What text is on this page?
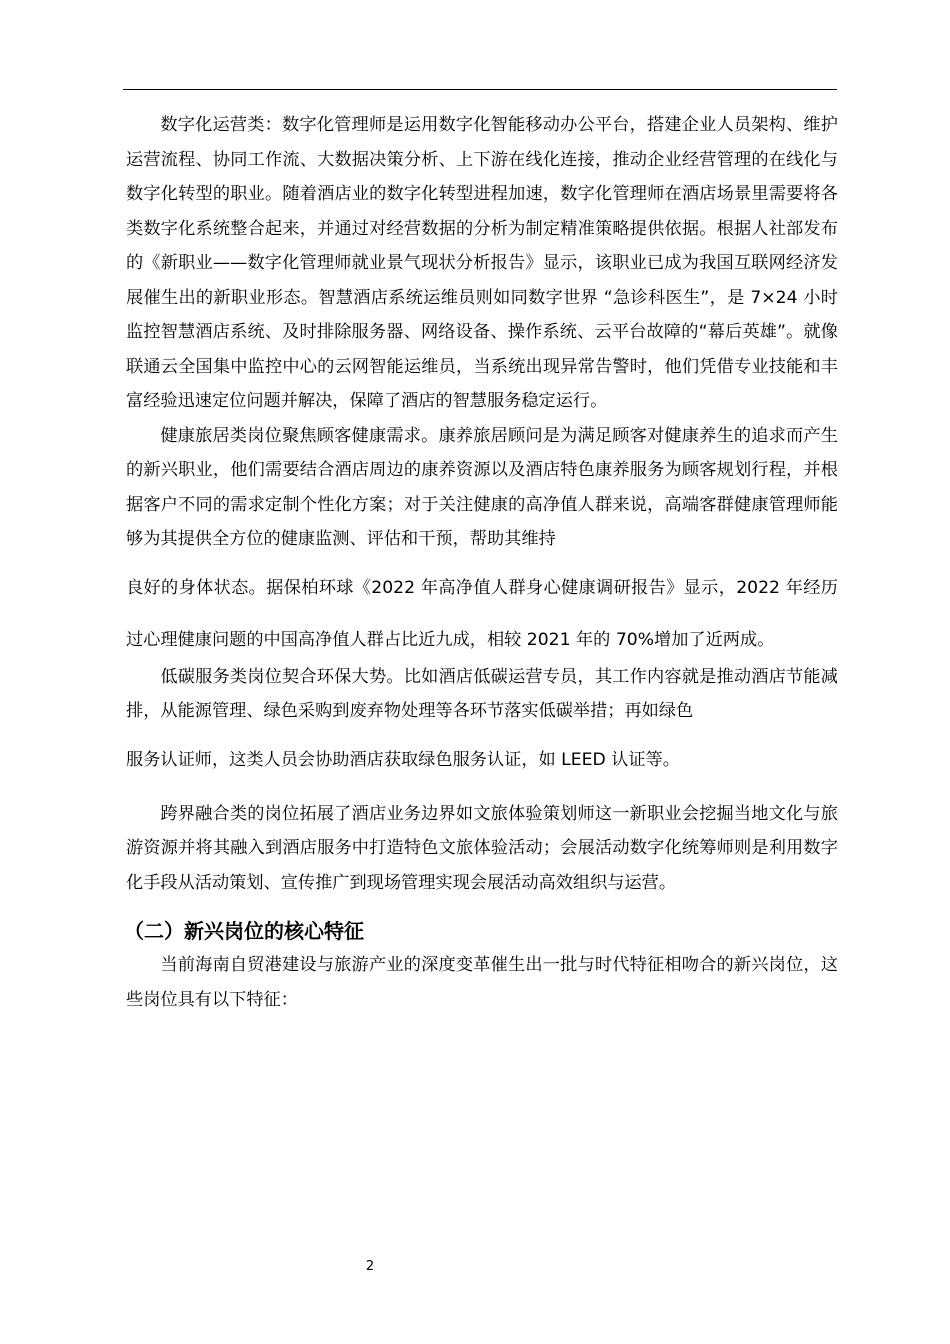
数字化运营类：数字化管理师是运用数字化智能移动办公平台，搭建企业人员架构、维护运营流程、协同工作流、大数据决策分析、上下游在线化连接，推动企业经营管理的在线化与数字化转型的职业。随着酒店业的数字化转型进程加速，数字化管理师在酒店场景里需要将各类数字化系统整合起来，并通过对经营数据的分析为制定精准策略提供依据。根据人社部发布的《新职业——数字化管理师就业景气现状分析报告》显示，该职业已成为我国互联网经济发展催生出的新职业形态。智慧酒店系统运维员则如同数字世界 “急诊科医生”，是 7×24 小时监控智慧酒店系统、及时排除服务器、网络设备、操作系统、云平台故障的“幕后英雄”。就像联通云全国集中监控中心的云网智能运维员，当系统出现异常告警时，他们凭借专业技能和丰富经验迅速定位问题并解决，保障了酒店的智慧服务稳定运行。

健康旅居类岗位聚焦顾客健康需求。康养旅居顾问是为满足顾客对健康养生的追求而产生的新兴职业，他们需要结合酒店周边的康养资源以及酒店特色康养服务为顾客规划行程，并根据客户不同的需求定制个性化方案；对于关注健康的高净值人群来说，高端客群健康管理师能够为其提供全方位的健康监测、评估和干预，帮助其维持

良好的身体状态。据保柏环球《2022 年高净值人群身心健康调研报告》显示，2022 年经历过心理健康问题的中国高净值人群占比近九成，相较 2021 年的 70%增加了近两成。

低碳服务类岗位契合环保大势。比如酒店低碳运营专员，其工作内容就是推动酒店节能减排，从能源管理、绿色采购到废弃物处理等各环节落实低碳举措；再如绿色

服务认证师，这类人员会协助酒店获取绿色服务认证，如 LEED 认证等。

跨界融合类的岗位拓展了酒店业务边界如文旅体验策划师这一新职业会挖掘当地文化与旅游资源并将其融入到酒店服务中打造特色文旅体验活动；会展活动数字化统筹师则是利用数字化手段从活动策划、宣传推广到现场管理实现会展活动高效组织与运营。

（二）新兴岗位的核心特征

当前海南自贸港建设与旅游产业的深度变革催生出一批与时代特征相吻合的新兴岗位，这些岗位具有以下特征：

2
